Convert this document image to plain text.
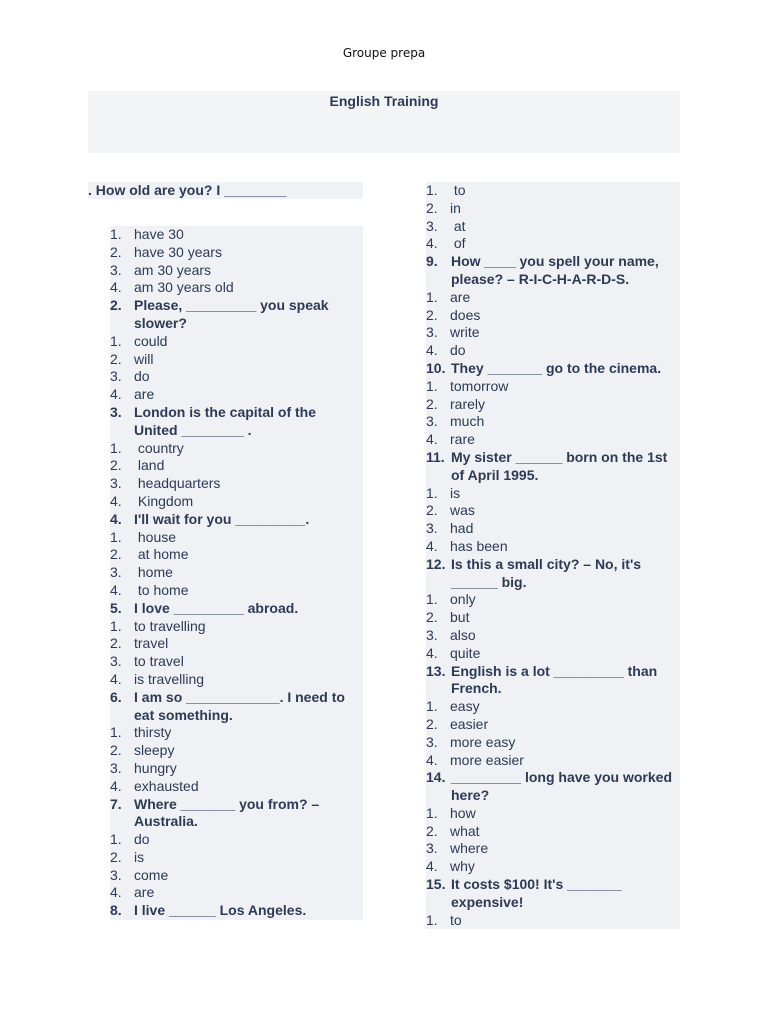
Groupe prepa
English Training
. How old are you? I ________
1. have 30
2. have 30 years
3. am 30 years
4. am 30 years old
2. Please, _________ you speak slower?
1. could
2. will
3. do
4. are
3. London is the capital of the United ________ .
1. country
2. land
3. headquarters
4. Kingdom
4. I'll wait for you _________.
1. house
2. at home
3. home
4. to home
5. I love _________ abroad.
1. to travelling
2. travel
3. to travel
4. is travelling
6. I am so ____________. I need to eat something.
1. thirsty
2. sleepy
3. hungry
4. exhausted
7. Where _______ you from? – Australia.
1. do
2. is
3. come
4. are
8. I live ______ Los Angeles.
1. to
2. in
3. at
4. of
9. How ____ you spell your name, please? – R-I-C-H-A-R-D-S.
1. are
2. does
3. write
4. do
10. They _______ go to the cinema.
1. tomorrow
2. rarely
3. much
4. rare
11. My sister ______ born on the 1st of April 1995.
1. is
2. was
3. had
4. has been
12. Is this a small city? – No, it's ______ big.
1. only
2. but
3. also
4. quite
13. English is a lot _________ than French.
1. easy
2. easier
3. more easy
4. more easier
14. _________ long have you worked here?
1. how
2. what
3. where
4. why
15. It costs $100! It's _______ expensive!
1. to
